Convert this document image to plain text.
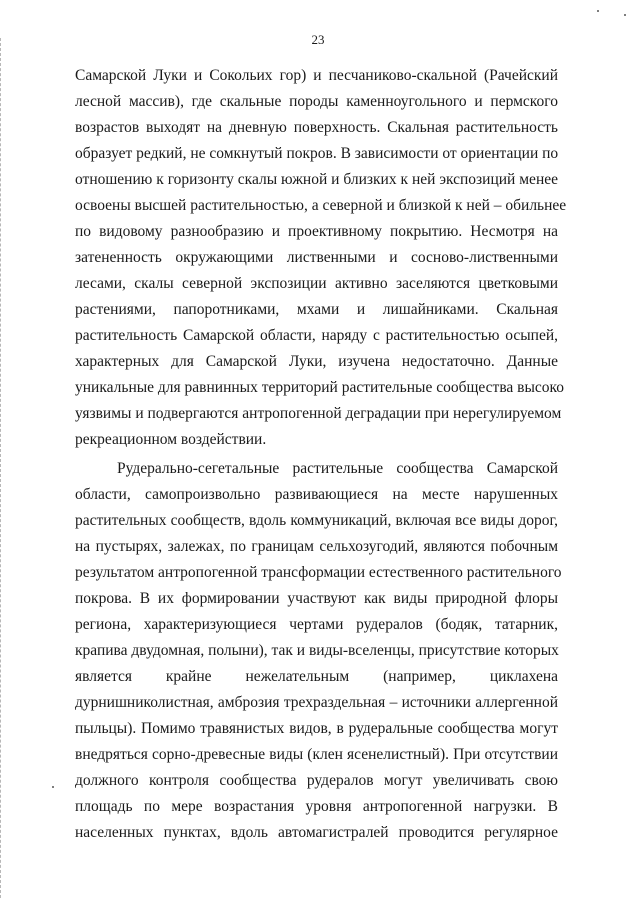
23
Самарской Луки и Сокольих гор) и песчаниково-скальной (Рачейский
лесной массив), где скальные породы каменноугольного и пермского
возрастов выходят на дневную поверхность. Скальная растительность
образует редкий, не сомкнутый покров. В зависимости от ориентации по
отношению к горизонту скалы южной и близких к ней экспозиций менее
освоены высшей растительностью, а северной и близкой к ней – обильнее
по видовому разнообразию и проективному покрытию. Несмотря на
затененность окружающими лиственными и сосново-лиственными
лесами, скалы северной экспозиции активно заселяются цветковыми
растениями, папоротниками, мхами и лишайниками. Скальная
растительность Самарской области, наряду с растительностью осыпей,
характерных для Самарской Луки, изучена недостаточно. Данные
уникальные для равнинных территорий растительные сообщества высоко
уязвимы и подвергаются антропогенной деградации при нерегулируемом
рекреационном воздействии.
Рудерально-сегетальные растительные сообщества Самарской
области, самопроизвольно развивающиеся на месте нарушенных
растительных сообществ, вдоль коммуникаций, включая все виды дорог,
на пустырях, залежах, по границам сельхозугодий, являются побочным
результатом антропогенной трансформации естественного растительного
покрова. В их формировании участвуют как виды природной флоры
региона, характеризующиеся чертами рудералов (бодяк, татарник,
крапива двудомная, полыни), так и виды-вселенцы, присутствие которых
является крайне нежелательным (например, циклахена
дурнишниколистная, амброзия трехраздельная – источники аллергенной
пыльцы). Помимо травянистых видов, в рудеральные сообщества могут
внедряться сорно-древесные виды (клен ясенелистный). При отсутствии
должного контроля сообщества рудералов могут увеличивать свою
площадь по мере возрастания уровня антропогенной нагрузки. В
населенных пунктах, вдоль автомагистралей проводится регулярное
